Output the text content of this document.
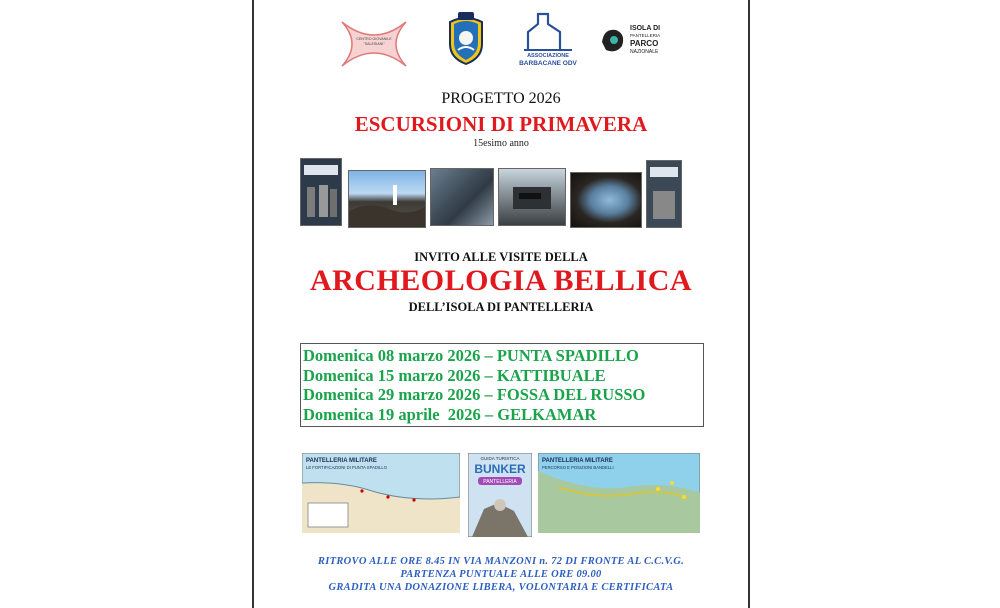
CENTRO GIOVANILE
"SALESIANI"
ASSOCIAZIONE
BARBACANE ODV
ISOLA DI
PANTELLERIA
PARCO
NAZIONALE
PROGETTO 2026
ESCURSIONI DI PRIMAVERA
15esimo anno
INVITO ALLE VISITE DELLA
ARCHEOLOGIA BELLICA
DELL’ISOLA DI PANTELLERIA
Domenica 08 marzo 2026 – PUNTA SPADILLO
Domenica 15 marzo 2026 – KATTIBUALE
Domenica 29 marzo 2026 – FOSSA DEL RUSSO
Domenica 19 aprile  2026 – GELKAMAR
PANTELLERIA MILITARE
LE FORTIFICAZIONI DI PUNTA SPADILLO
GUIDA TURISTICA
BUNKER
PANTELLERIA
PANTELLERIA MILITARE
PERCORSO E POSIZIONI BANDELLI
RITROVO ALLE ORE 8.45 IN VIA MANZONI n. 72 DI FRONTE AL C.C.V.G.
PARTENZA PUNTUALE ALLE ORE 09.00
GRADITA UNA DONAZIONE LIBERA, VOLONTARIA E CERTIFICATA
